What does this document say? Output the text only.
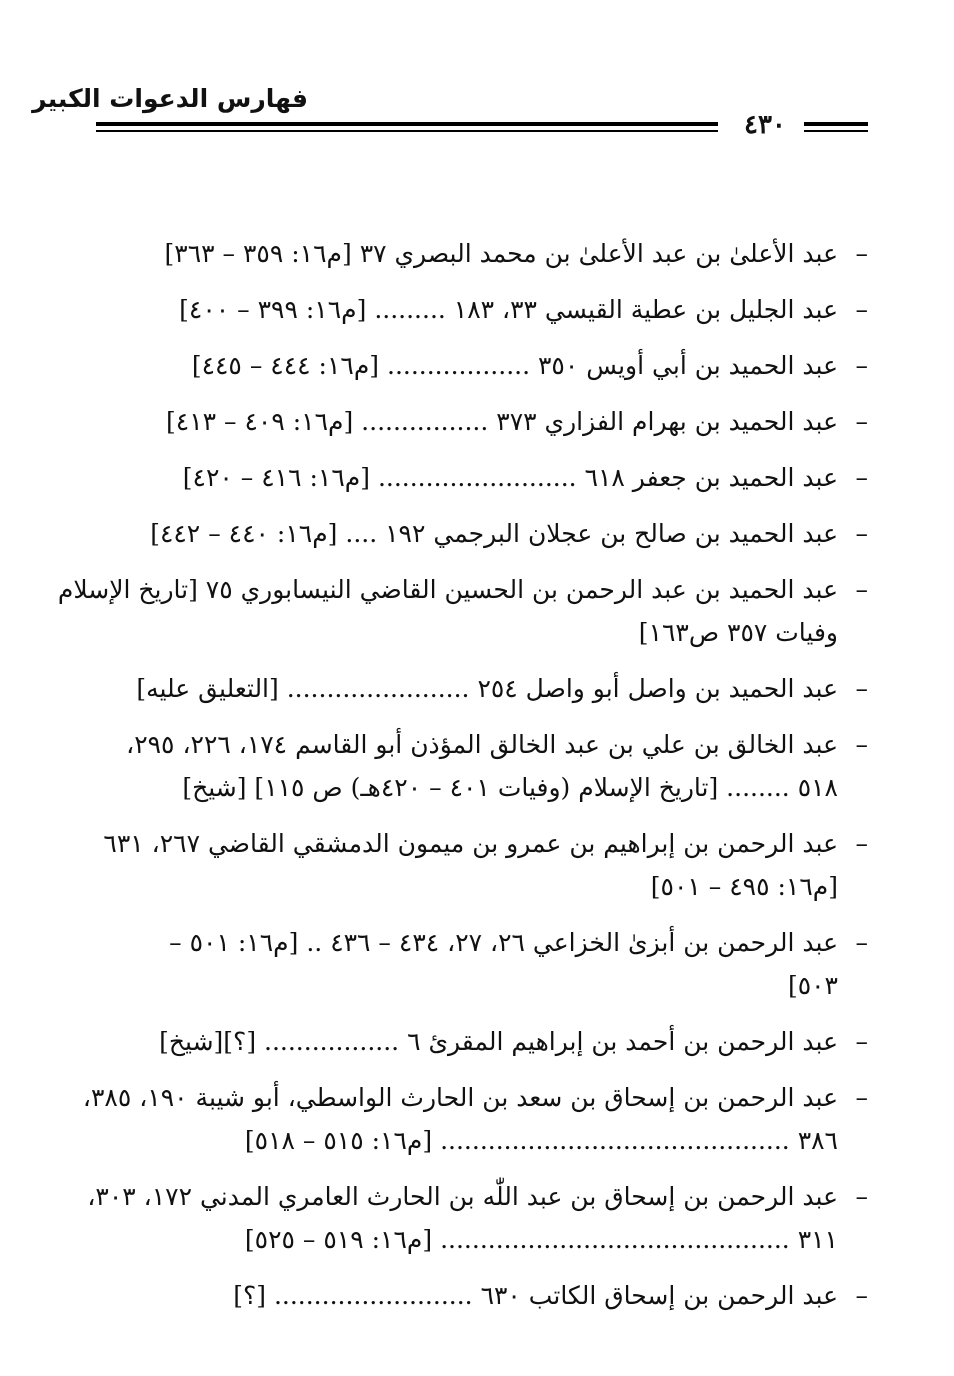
فهارس الدعوات الكبير
٤٣٠
–
عبد الأعلىٰ بن عبد الأعلىٰ بن محمد البصري ٣٧ [م١٦: ٣٥٩ – ٣٦٣]
–
عبد الجليل بن عطية القيسي ٣٣، ١٨٣ ......... [م١٦: ٣٩٩ – ٤٠٠]
–
عبد الحميد بن أبي أويس ٣٥٠ .................. [م١٦: ٤٤٤ – ٤٤٥]
–
عبد الحميد بن بهرام الفزاري ٣٧٣ ................ [م١٦: ٤٠٩ – ٤١٣]
–
عبد الحميد بن جعفر ٦١٨ ......................... [م١٦: ٤١٦ – ٤٢٠]
–
عبد الحميد بن صالح بن عجلان البرجمي ١٩٢ .... [م١٦: ٤٤٠ – ٤٤٢]
–
عبد الحميد بن عبد الرحمن بن الحسين القاضي النيسابوري ٧٥ [تاريخ الإسلام
وفيات ٣٥٧ ص١٦٣]
–
عبد الحميد بن واصل أبو واصل ٢٥٤ ....................... [التعليق عليه]
–
عبد الخالق بن علي بن عبد الخالق المؤذن أبو القاسم ١٧٤، ٢٢٦، ٢٩٥،
٥١٨ ........ [تاريخ الإسلام (وفيات ٤٠١ – ٤٢٠هـ) ص ١١٥] [شيخ]
–
عبد الرحمن بن إبراهيم بن عمرو بن ميمون الدمشقي القاضي ٢٦٧، ٦٣١
[م١٦: ٤٩٥ – ٥٠١]
–
عبد الرحمن بن أبزىٰ الخزاعي ٢٦، ٢٧، ٤٣٤ – ٤٣٦ .. [م١٦: ٥٠١ –
٥٠٣]
–
عبد الرحمن بن أحمد بن إبراهيم المقرئ ٦ ................. [؟][شيخ]
–
عبد الرحمن بن إسحاق بن سعد بن الحارث الواسطي، أبو شيبة ١٩٠، ٣٨٥،
٣٨٦ ............................................ [م١٦: ٥١٥ – ٥١٨]
–
عبد الرحمن بن إسحاق بن عبد اللّٰه بن الحارث العامري المدني ١٧٢، ٣٠٣،
٣١١ ............................................ [م١٦: ٥١٩ – ٥٢٥]
–
عبد الرحمن بن إسحاق الكاتب ٦٣٠ ......................... [؟]
